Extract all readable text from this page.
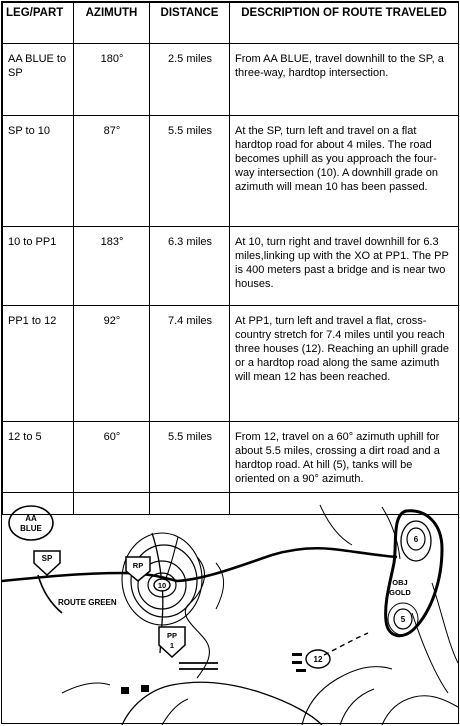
LEG/PART	AZIMUTH	DISTANCE	DESCRIPTION OF ROUTE TRAVELED
AA BLUE to SP	180°	2.5 miles	From AA BLUE, travel downhill to the SP, a three-way, hardtop intersection.
SP to 10	87°	5.5 miles	At the SP, turn left and travel on a flat hardtop road for about 4 miles. The road becomes uphill as you approach the four-way intersection (10). A downhill grade on azimuth will mean 10 has been passed.
10 to PP1	183°	6.3 miles	At 10, turn right and travel downhill for 6.3 miles,linking up with the XO at PP1. The PP is 400 meters past a bridge and is near two houses.
PP1 to 12	92°	7.4 miles	At PP1, turn left and travel a flat, cross-country stretch for 7.4 miles until you reach three houses (12). Reaching an uphill grade or a hardtop road along the same azimuth will mean 12 has been reached.
12 to 5	60°	5.5 miles	From 12, travel on a 60° azimuth uphill for about 5.5 miles, crossing a dirt road and a hardtop road. At hill (5), tanks will be oriented on a 90° azimuth.
AA
BLUE
SP
RP
10
ROUTE GREEN
PP
1
12
6
5
OBJ
GOLD
